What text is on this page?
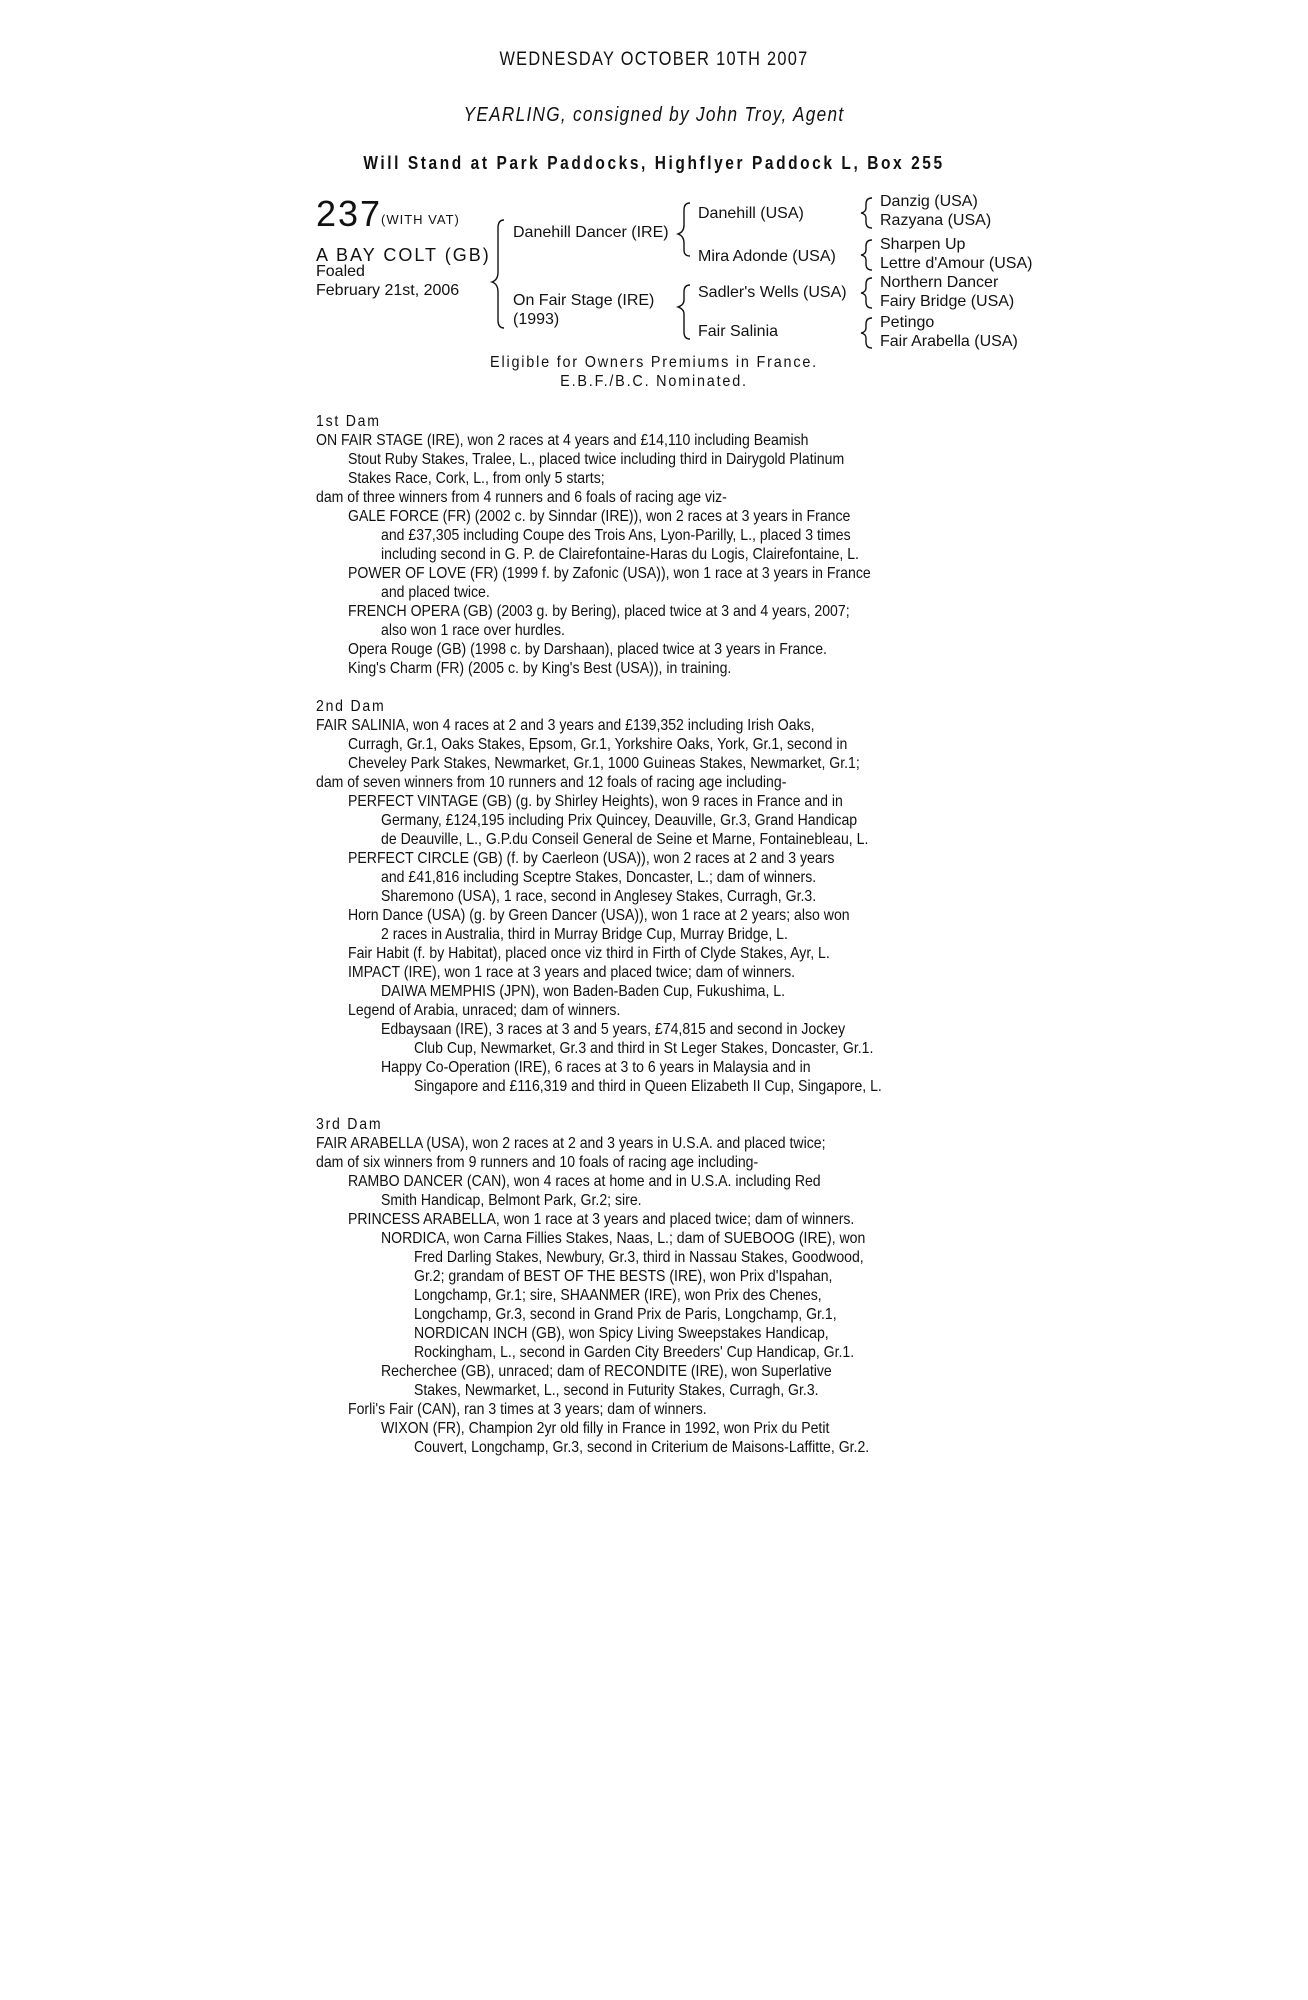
WEDNESDAY OCTOBER 10TH 2007
YEARLING, consigned by John Troy, Agent
Will Stand at Park Paddocks, Highflyer Paddock L, Box 255
237
(WITH VAT)
A BAY COLT (GB)
Foaled
February 21st, 2006
Danehill Dancer (IRE)
On Fair Stage (IRE)
(1993)
Danehill (USA)
Mira Adonde (USA)
Sadler's Wells (USA)
Fair Salinia
Danzig (USA)
Razyana (USA)
Sharpen Up
Lettre d'Amour (USA)
Northern Dancer
Fairy Bridge (USA)
Petingo
Fair Arabella (USA)
Eligible for Owners Premiums in France.
E.B.F./B.C. Nominated.
1st Dam
ON FAIR STAGE (IRE), won 2 races at 4 years and £14,110 including Beamish
Stout Ruby Stakes, Tralee, L., placed twice including third in Dairygold Platinum
Stakes Race, Cork, L., from only 5 starts;
dam of three winners from 4 runners and 6 foals of racing age viz-
GALE FORCE (FR) (2002 c. by Sinndar (IRE)), won 2 races at 3 years in France
and £37,305 including Coupe des Trois Ans, Lyon-Parilly, L., placed 3 times
including second in G. P. de Clairefontaine-Haras du Logis, Clairefontaine, L.
POWER OF LOVE (FR) (1999 f. by Zafonic (USA)), won 1 race at 3 years in France
and placed twice.
FRENCH OPERA (GB) (2003 g. by Bering), placed twice at 3 and 4 years, 2007;
also won 1 race over hurdles.
Opera Rouge (GB) (1998 c. by Darshaan), placed twice at 3 years in France.
King's Charm (FR) (2005 c. by King's Best (USA)), in training.
2nd Dam
FAIR SALINIA, won 4 races at 2 and 3 years and £139,352 including Irish Oaks,
Curragh, Gr.1, Oaks Stakes, Epsom, Gr.1, Yorkshire Oaks, York, Gr.1, second in
Cheveley Park Stakes, Newmarket, Gr.1, 1000 Guineas Stakes, Newmarket, Gr.1;
dam of seven winners from 10 runners and 12 foals of racing age including-
PERFECT VINTAGE (GB) (g. by Shirley Heights), won 9 races in France and in
Germany, £124,195 including Prix Quincey, Deauville, Gr.3, Grand Handicap
de Deauville, L., G.P.du Conseil General de Seine et Marne, Fontainebleau, L.
PERFECT CIRCLE (GB) (f. by Caerleon (USA)), won 2 races at 2 and 3 years
and £41,816 including Sceptre Stakes, Doncaster, L.; dam of winners.
Sharemono (USA), 1 race, second in Anglesey Stakes, Curragh, Gr.3.
Horn Dance (USA) (g. by Green Dancer (USA)), won 1 race at 2 years; also won
2 races in Australia, third in Murray Bridge Cup, Murray Bridge, L.
Fair Habit (f. by Habitat), placed once viz third in Firth of Clyde Stakes, Ayr, L.
IMPACT (IRE), won 1 race at 3 years and placed twice; dam of winners.
DAIWA MEMPHIS (JPN), won Baden-Baden Cup, Fukushima, L.
Legend of Arabia, unraced; dam of winners.
Edbaysaan (IRE), 3 races at 3 and 5 years, £74,815 and second in Jockey
Club Cup, Newmarket, Gr.3 and third in St Leger Stakes, Doncaster, Gr.1.
Happy Co-Operation (IRE), 6 races at 3 to 6 years in Malaysia and in
Singapore and £116,319 and third in Queen Elizabeth II Cup, Singapore, L.
3rd Dam
FAIR ARABELLA (USA), won 2 races at 2 and 3 years in U.S.A. and placed twice;
dam of six winners from 9 runners and 10 foals of racing age including-
RAMBO DANCER (CAN), won 4 races at home and in U.S.A. including Red
Smith Handicap, Belmont Park, Gr.2; sire.
PRINCESS ARABELLA, won 1 race at 3 years and placed twice; dam of winners.
NORDICA, won Carna Fillies Stakes, Naas, L.; dam of SUEBOOG (IRE), won
Fred Darling Stakes, Newbury, Gr.3, third in Nassau Stakes, Goodwood,
Gr.2; grandam of BEST OF THE BESTS (IRE), won Prix d'Ispahan,
Longchamp, Gr.1; sire, SHAANMER (IRE), won Prix des Chenes,
Longchamp, Gr.3, second in Grand Prix de Paris, Longchamp, Gr.1,
NORDICAN INCH (GB), won Spicy Living Sweepstakes Handicap,
Rockingham, L., second in Garden City Breeders' Cup Handicap, Gr.1.
Recherchee (GB), unraced; dam of RECONDITE (IRE), won Superlative
Stakes, Newmarket, L., second in Futurity Stakes, Curragh, Gr.3.
Forli's Fair (CAN), ran 3 times at 3 years; dam of winners.
WIXON (FR), Champion 2yr old filly in France in 1992, won Prix du Petit
Couvert, Longchamp, Gr.3, second in Criterium de Maisons-Laffitte, Gr.2.
